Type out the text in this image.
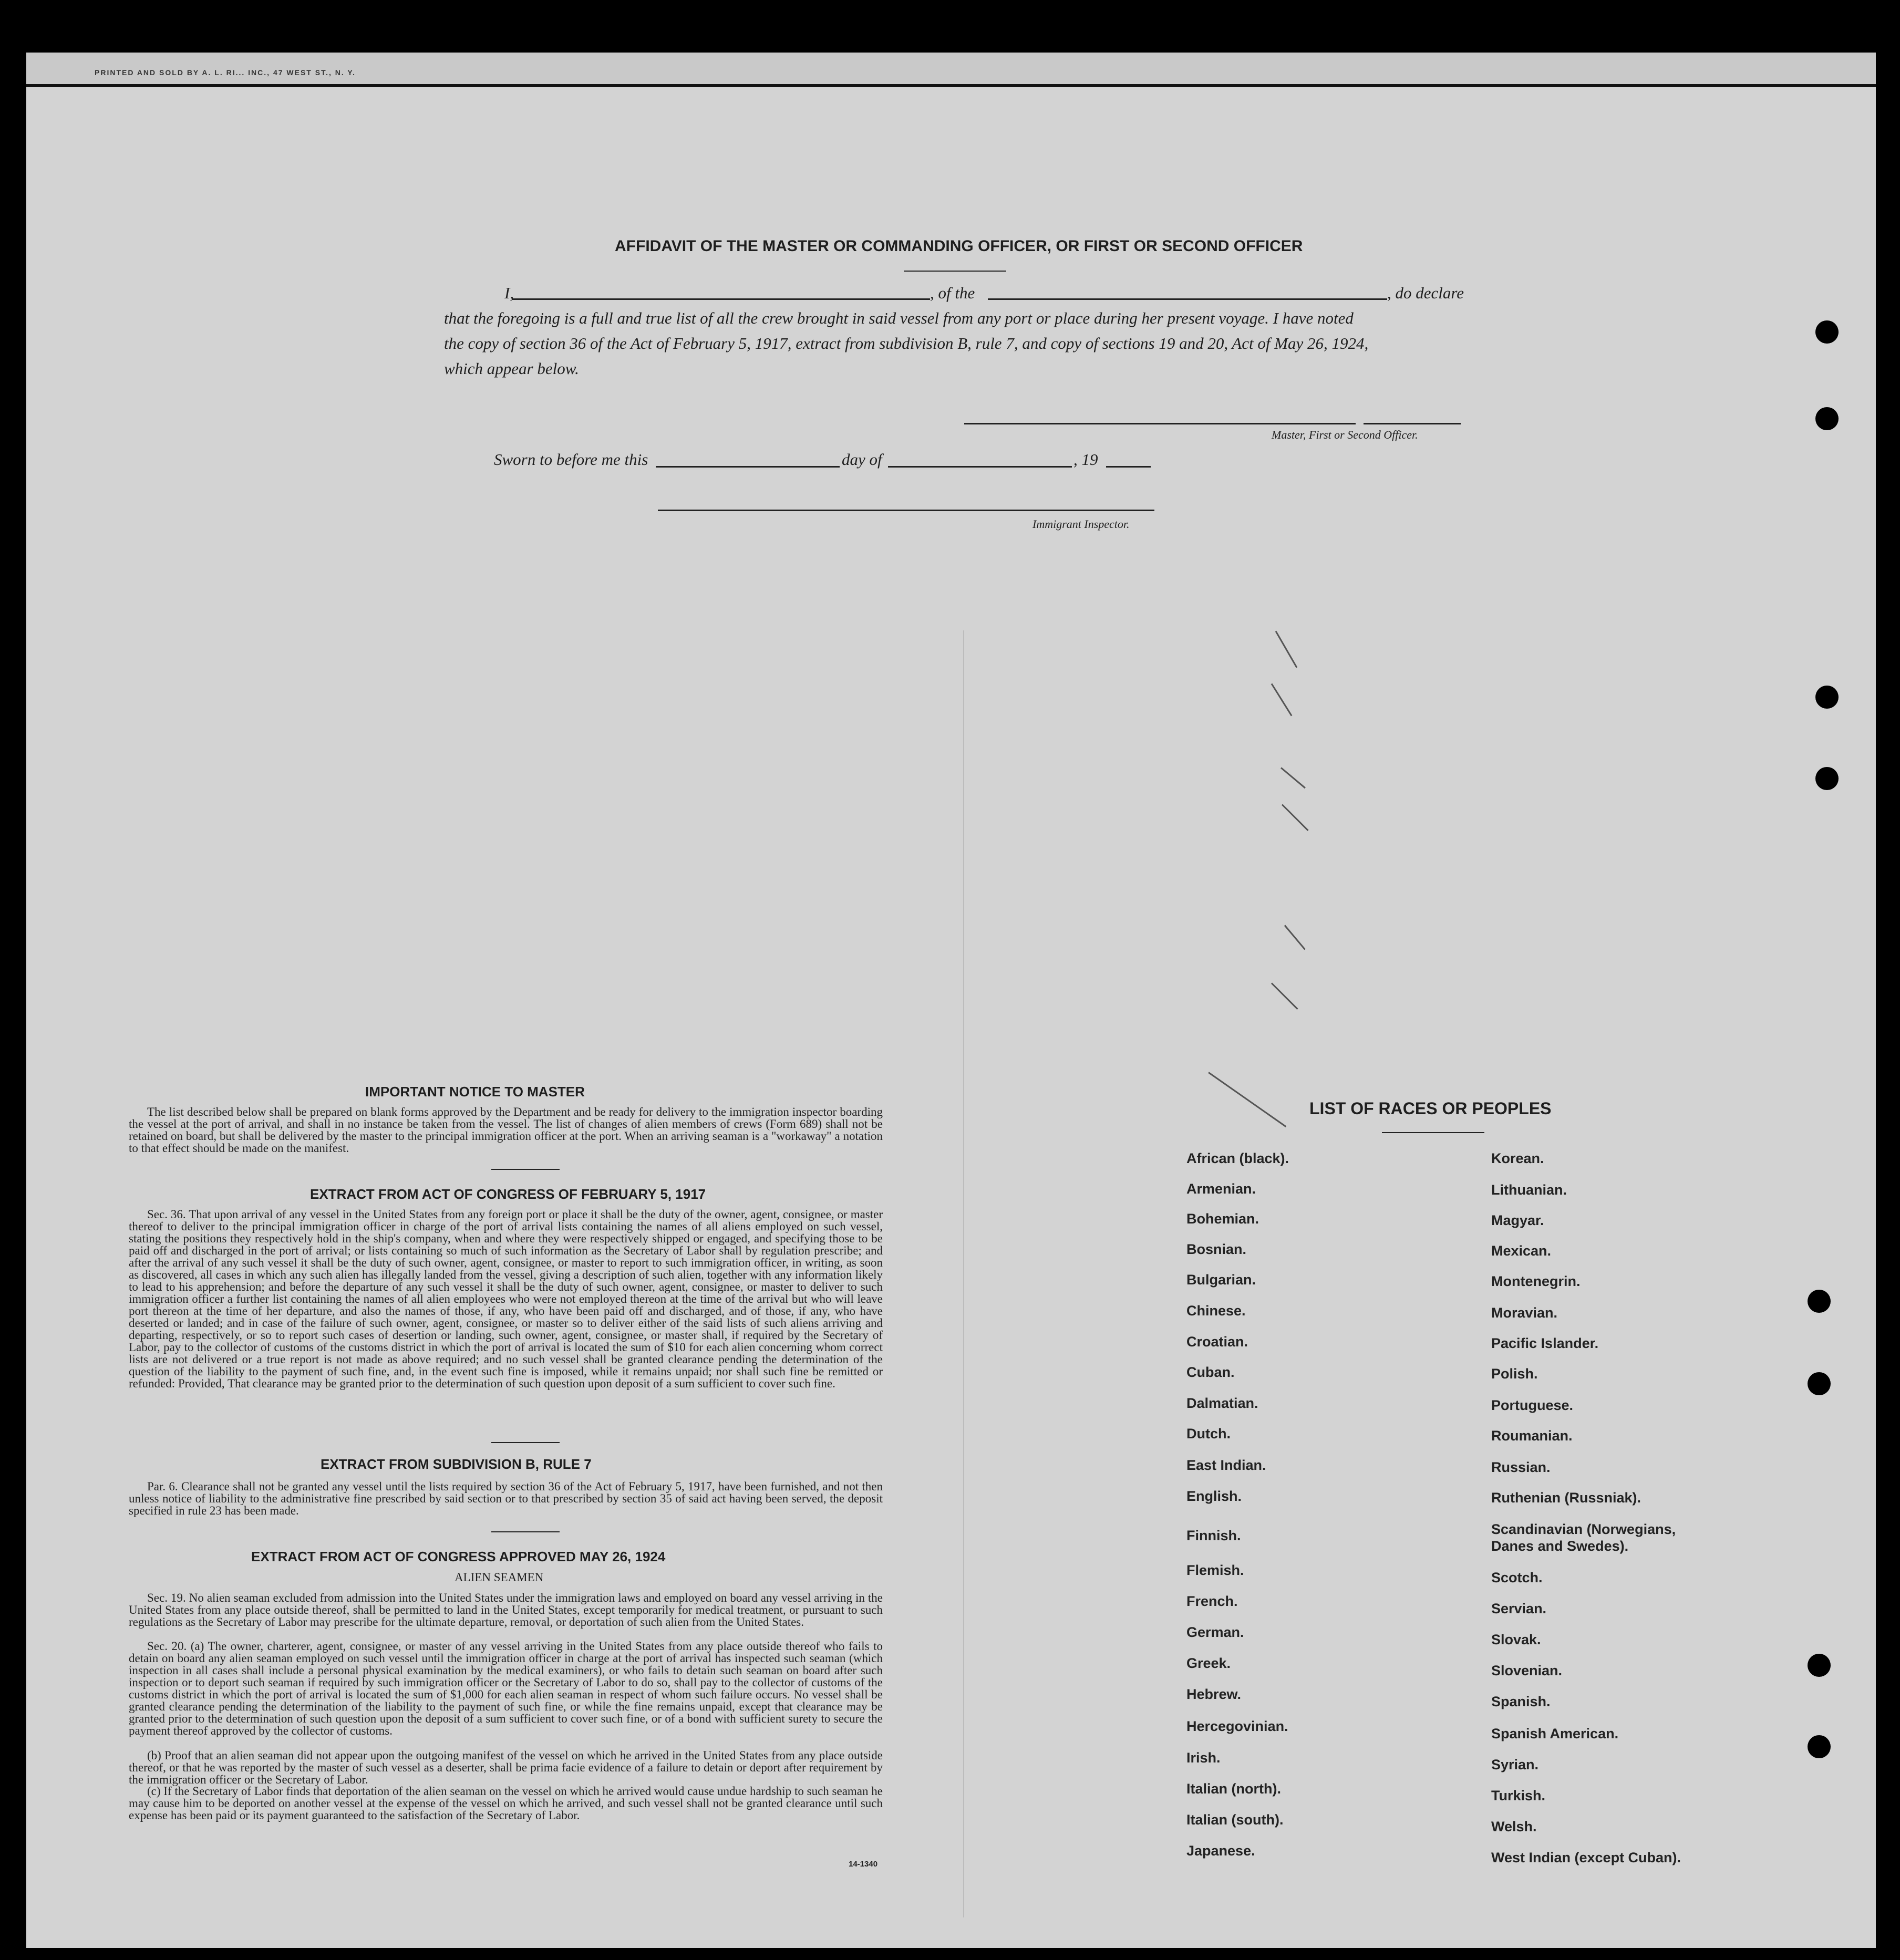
PRINTED AND SOLD BY A. L. RI... INC., 47 WEST ST., N. Y.
AFFIDAVIT OF THE MASTER OR COMMANDING OFFICER, OR FIRST OR SECOND OFFICER
I,	, of the	, do declare
that the foregoing is a full and true list of all the crew brought in said vessel from any port or place during her present voyage. I have noted
the copy of section 36 of the Act of February 5, 1917, extract from subdivision B, rule 7, and copy of sections 19 and 20, Act of May 26, 1924,
which appear below.
Master, First or Second Officer.
Sworn to before me this	day of	, 19
Immigrant Inspector.
IMPORTANT NOTICE TO MASTER
The list described below shall be prepared on blank forms approved by the Department and be ready for delivery to the immigration inspector boarding the vessel at the port of arrival, and shall in no instance be taken from the vessel. The list of changes of alien members of crews (Form 689) shall not be retained on board, but shall be delivered by the master to the principal immigration officer at the port. When an arriving seaman is a "workaway" a notation to that effect should be made on the manifest.
EXTRACT FROM ACT OF CONGRESS OF FEBRUARY 5, 1917
Sec. 36. That upon arrival of any vessel in the United States from any foreign port or place it shall be the duty of the owner, agent, consignee, or master thereof to deliver to the principal immigration officer in charge of the port of arrival lists containing the names of all aliens employed on such vessel, stating the positions they respectively hold in the ship's company, when and where they were respectively shipped or engaged, and specifying those to be paid off and discharged in the port of arrival; or lists containing so much of such information as the Secretary of Labor shall by regulation prescribe; and after the arrival of any such vessel it shall be the duty of such owner, agent, consignee, or master to report to such immigration officer, in writing, as soon as discovered, all cases in which any such alien has illegally landed from the vessel, giving a description of such alien, together with any information likely to lead to his apprehension; and before the departure of any such vessel it shall be the duty of such owner, agent, consignee, or master to deliver to such immigration officer a further list containing the names of all alien employees who were not employed thereon at the time of the arrival but who will leave port thereon at the time of her departure, and also the names of those, if any, who have been paid off and discharged, and of those, if any, who have deserted or landed; and in case of the failure of such owner, agent, consignee, or master so to deliver either of the said lists of such aliens arriving and departing, respectively, or so to report such cases of desertion or landing, such owner, agent, consignee, or master shall, if required by the Secretary of Labor, pay to the collector of customs of the customs district in which the port of arrival is located the sum of $10 for each alien concerning whom correct lists are not delivered or a true report is not made as above required; and no such vessel shall be granted clearance pending the determination of the question of the liability to the payment of such fine, and, in the event such fine is imposed, while it remains unpaid; nor shall such fine be remitted or refunded: Provided, That clearance may be granted prior to the determination of such question upon deposit of a sum sufficient to cover such fine.
EXTRACT FROM SUBDIVISION B, RULE 7
Par. 6. Clearance shall not be granted any vessel until the lists required by section 36 of the Act of February 5, 1917, have been furnished, and not then unless notice of liability to the administrative fine prescribed by said section or to that prescribed by section 35 of said act having been served, the deposit specified in rule 23 has been made.
EXTRACT FROM ACT OF CONGRESS APPROVED MAY 26, 1924
ALIEN SEAMEN
Sec. 19. No alien seaman excluded from admission into the United States under the immigration laws and employed on board any vessel arriving in the United States from any place outside thereof, shall be permitted to land in the United States, except temporarily for medical treatment, or pursuant to such regulations as the Secretary of Labor may prescribe for the ultimate departure, removal, or deportation of such alien from the United States.
Sec. 20. (a) The owner, charterer, agent, consignee, or master of any vessel arriving in the United States from any place outside thereof who fails to detain on board any alien seaman employed on such vessel until the immigration officer in charge at the port of arrival has inspected such seaman (which inspection in all cases shall include a personal physical examination by the medical examiners), or who fails to detain such seaman on board after such inspection or to deport such seaman if required by such immigration officer or the Secretary of Labor to do so, shall pay to the collector of customs of the customs district in which the port of arrival is located the sum of $1,000 for each alien seaman in respect of whom such failure occurs. No vessel shall be granted clearance pending the determination of the liability to the payment of such fine, or while the fine remains unpaid, except that clearance may be granted prior to the determination of such question upon the deposit of a sum sufficient to cover such fine, or of a bond with sufficient surety to secure the payment thereof approved by the collector of customs.
(b) Proof that an alien seaman did not appear upon the outgoing manifest of the vessel on which he arrived in the United States from any place outside thereof, or that he was reported by the master of such vessel as a deserter, shall be prima facie evidence of a failure to detain or deport after requirement by the immigration officer or the Secretary of Labor.
(c) If the Secretary of Labor finds that deportation of the alien seaman on the vessel on which he arrived would cause undue hardship to such seaman he may cause him to be deported on another vessel at the expense of the vessel on which he arrived, and such vessel shall not be granted clearance until such expense has been paid or its payment guaranteed to the satisfaction of the Secretary of Labor.
14-1340
LIST OF RACES OR PEOPLES
African (black).
Armenian.
Bohemian.
Bosnian.
Bulgarian.
Chinese.
Croatian.
Cuban.
Dalmatian.
Dutch.
East Indian.
English.
Finnish.
Flemish.
French.
German.
Greek.
Hebrew.
Hercegovinian.
Irish.
Italian (north).
Italian (south).
Japanese.
Korean.
Lithuanian.
Magyar.
Mexican.
Montenegrin.
Moravian.
Pacific Islander.
Polish.
Portuguese.
Roumanian.
Russian.
Ruthenian (Russniak).
Scandinavian (Norwegians, Danes and Swedes).
Scotch.
Servian.
Slovak.
Slovenian.
Spanish.
Spanish American.
Syrian.
Turkish.
Welsh.
West Indian (except Cuban).
